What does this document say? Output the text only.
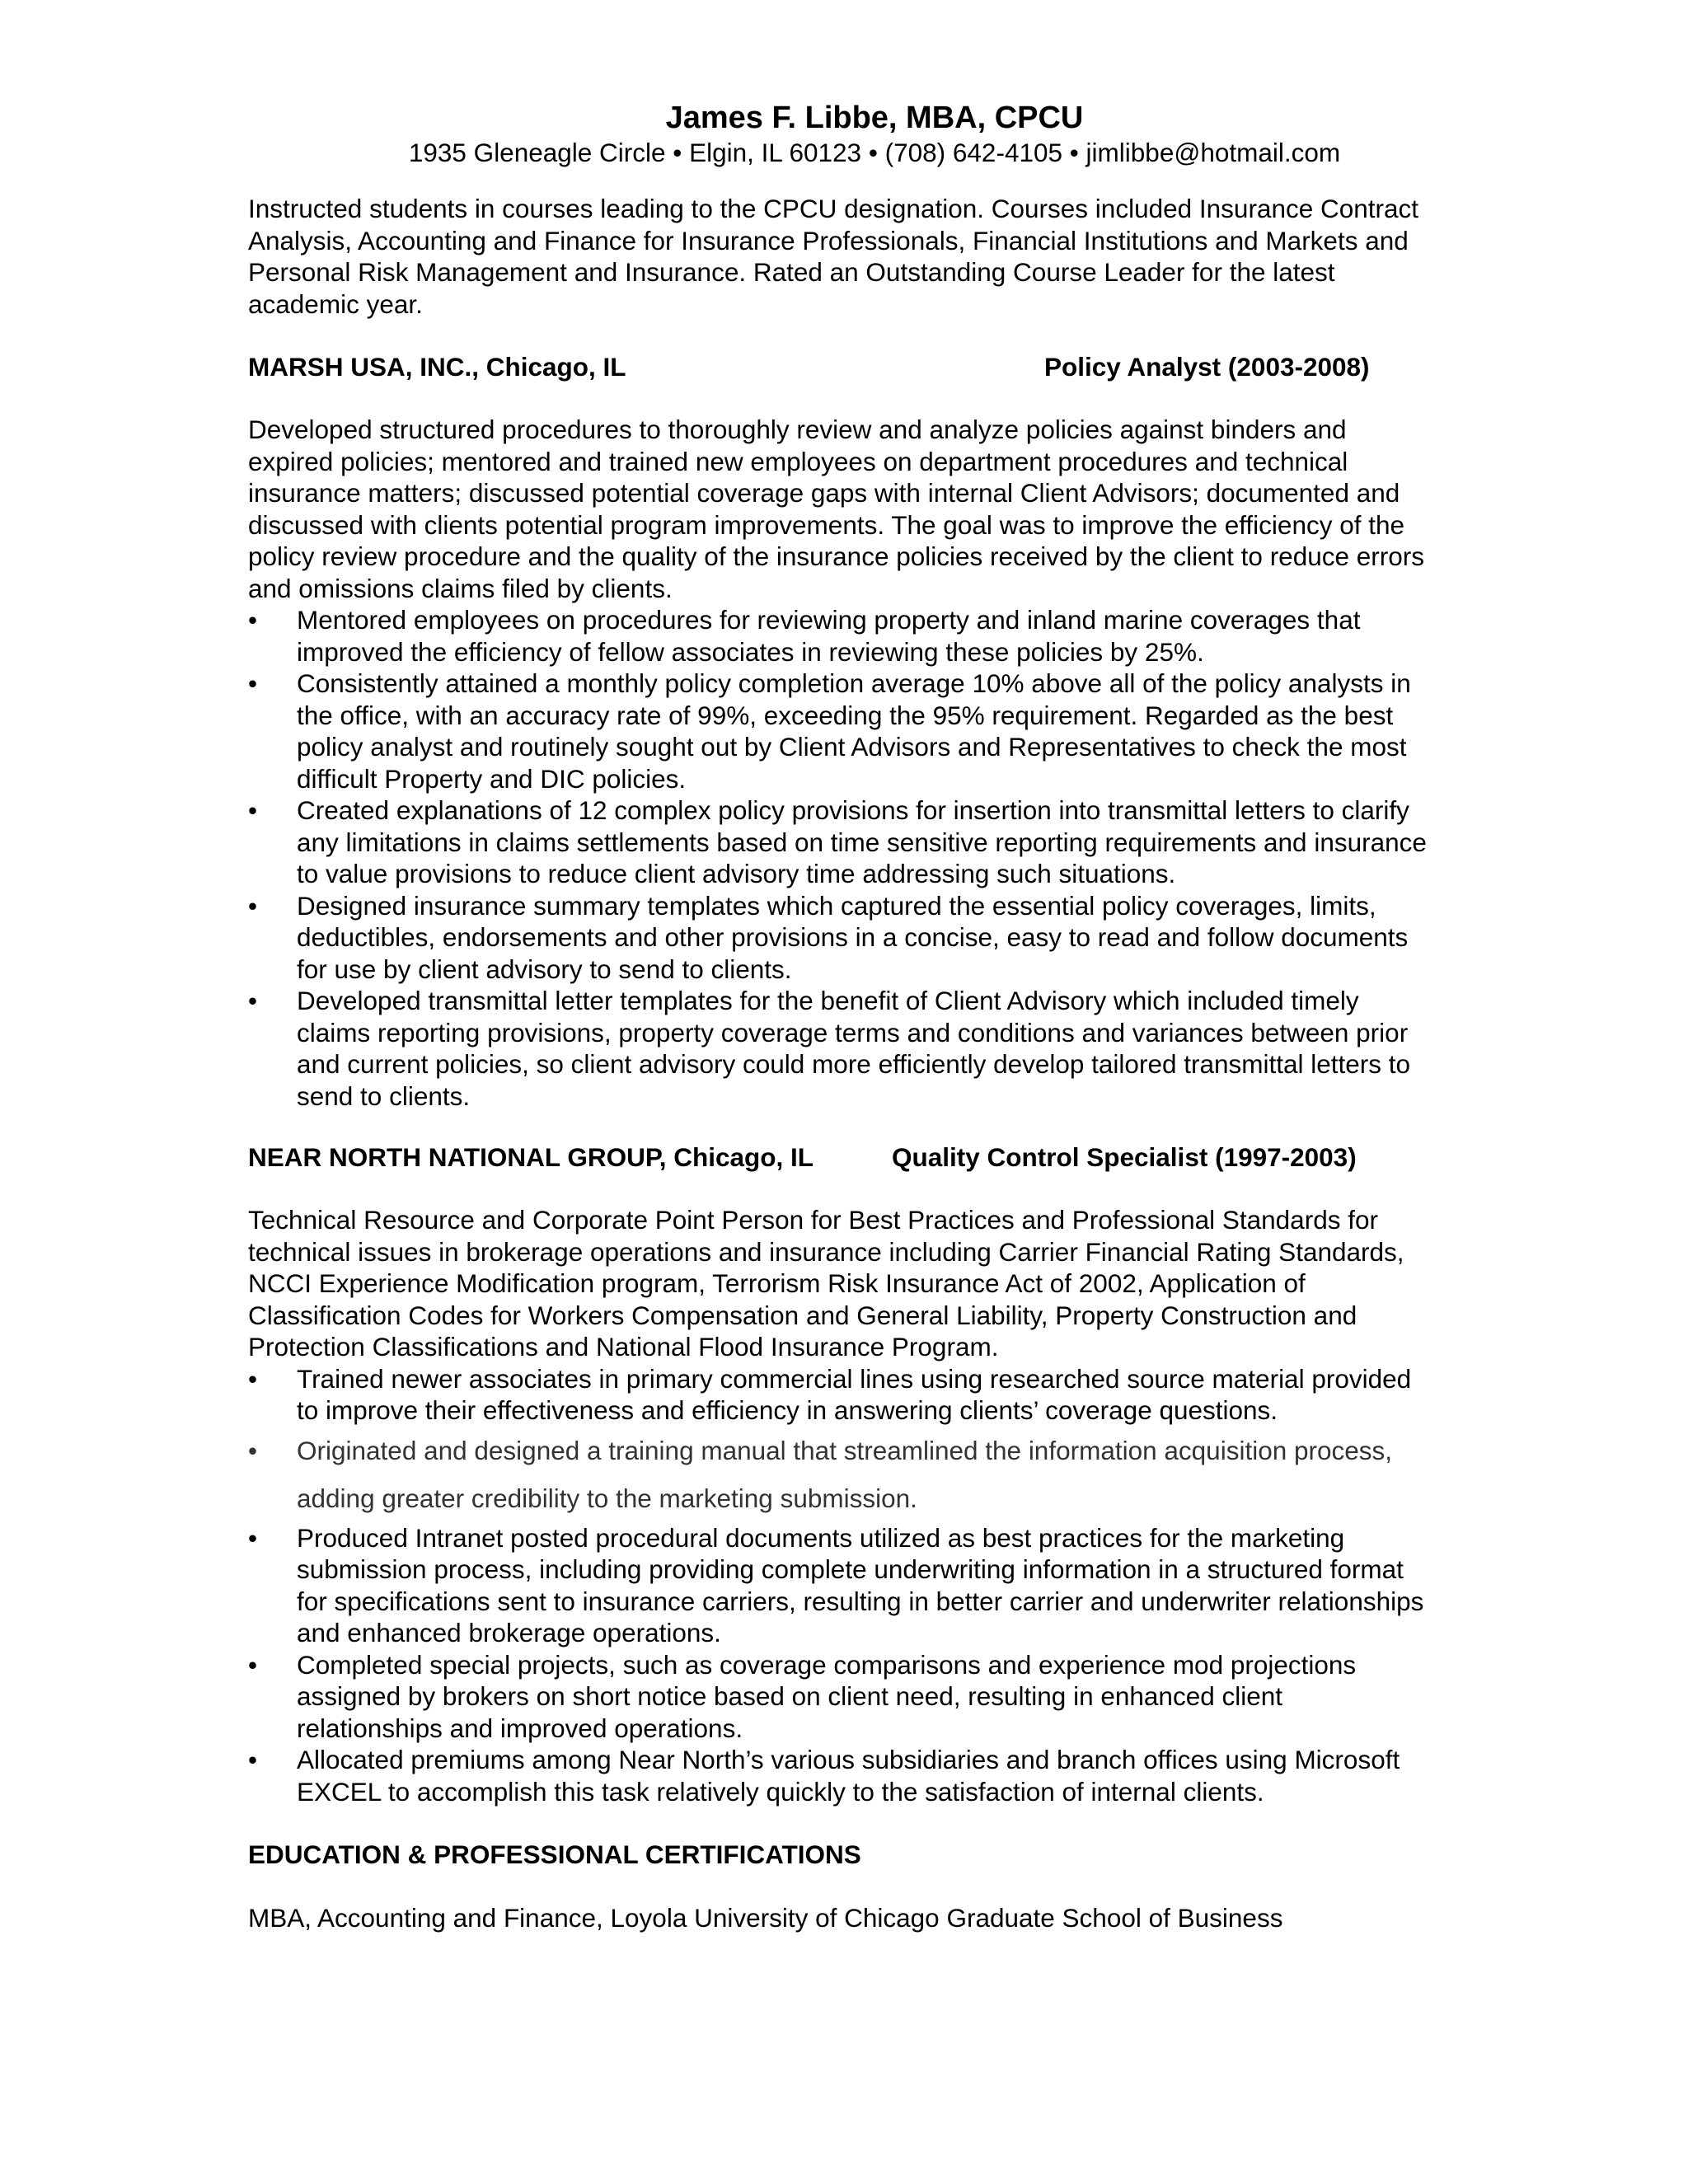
James F. Libbe, MBA, CPCU
1935 Gleneagle Circle • Elgin, IL 60123 • (708) 642-4105 • jimlibbe@hotmail.com

Instructed students in courses leading to the CPCU designation. Courses included Insurance Contract Analysis, Accounting and Finance for Insurance Professionals, Financial Institutions and Markets and Personal Risk Management and Insurance. Rated an Outstanding Course Leader for the latest academic year.

MARSH USA, INC., Chicago, IL	Policy Analyst (2003-2008)

Developed structured procedures to thoroughly review and analyze policies against binders and expired policies; mentored and trained new employees on department procedures and technical insurance matters; discussed potential coverage gaps with internal Client Advisors; documented and discussed with clients potential program improvements. The goal was to improve the efficiency of the policy review procedure and the quality of the insurance policies received by the client to reduce errors and omissions claims filed by clients.

•	Mentored employees on procedures for reviewing property and inland marine coverages that improved the efficiency of fellow associates in reviewing these policies by 25%.
•	Consistently attained a monthly policy completion average 10% above all of the policy analysts in the office, with an accuracy rate of 99%, exceeding the 95% requirement. Regarded as the best policy analyst and routinely sought out by Client Advisors and Representatives to check the most difficult Property and DIC policies.
•	Created explanations of 12 complex policy provisions for insertion into transmittal letters to clarify any limitations in claims settlements based on time sensitive reporting requirements and insurance to value provisions to reduce client advisory time addressing such situations.
•	Designed insurance summary templates which captured the essential policy coverages, limits, deductibles, endorsements and other provisions in a concise, easy to read and follow documents for use by client advisory to send to clients.
•	Developed transmittal letter templates for the benefit of Client Advisory which included timely claims reporting provisions, property coverage terms and conditions and variances between prior and current policies, so client advisory could more efficiently develop tailored transmittal letters to send to clients.
NEAR NORTH NATIONAL GROUP, Chicago, IL	Quality Control Specialist (1997-2003)

Technical Resource and Corporate Point Person for Best Practices and Professional Standards for technical issues in brokerage operations and insurance including Carrier Financial Rating Standards, NCCI Experience Modification program, Terrorism Risk Insurance Act of 2002, Application of Classification Codes for Workers Compensation and General Liability, Property Construction and Protection Classifications and National Flood Insurance Program.

•	Trained newer associates in primary commercial lines using researched source material provided to improve their effectiveness and efficiency in answering clients’ coverage questions.
•	Originated and designed a training manual that streamlined the information acquisition process, adding greater credibility to the marketing submission.
•	Produced Intranet posted procedural documents utilized as best practices for the marketing submission process, including providing complete underwriting information in a structured format for specifications sent to insurance carriers, resulting in better carrier and underwriter relationships and enhanced brokerage operations.
•	Completed special projects, such as coverage comparisons and experience mod projections assigned by brokers on short notice based on client need, resulting in enhanced client relationships and improved operations.
•	Allocated premiums among Near North’s various subsidiaries and branch offices using Microsoft EXCEL to accomplish this task relatively quickly to the satisfaction of internal clients.
EDUCATION & PROFESSIONAL CERTIFICATIONS

MBA, Accounting and Finance, Loyola University of Chicago Graduate School of Business
